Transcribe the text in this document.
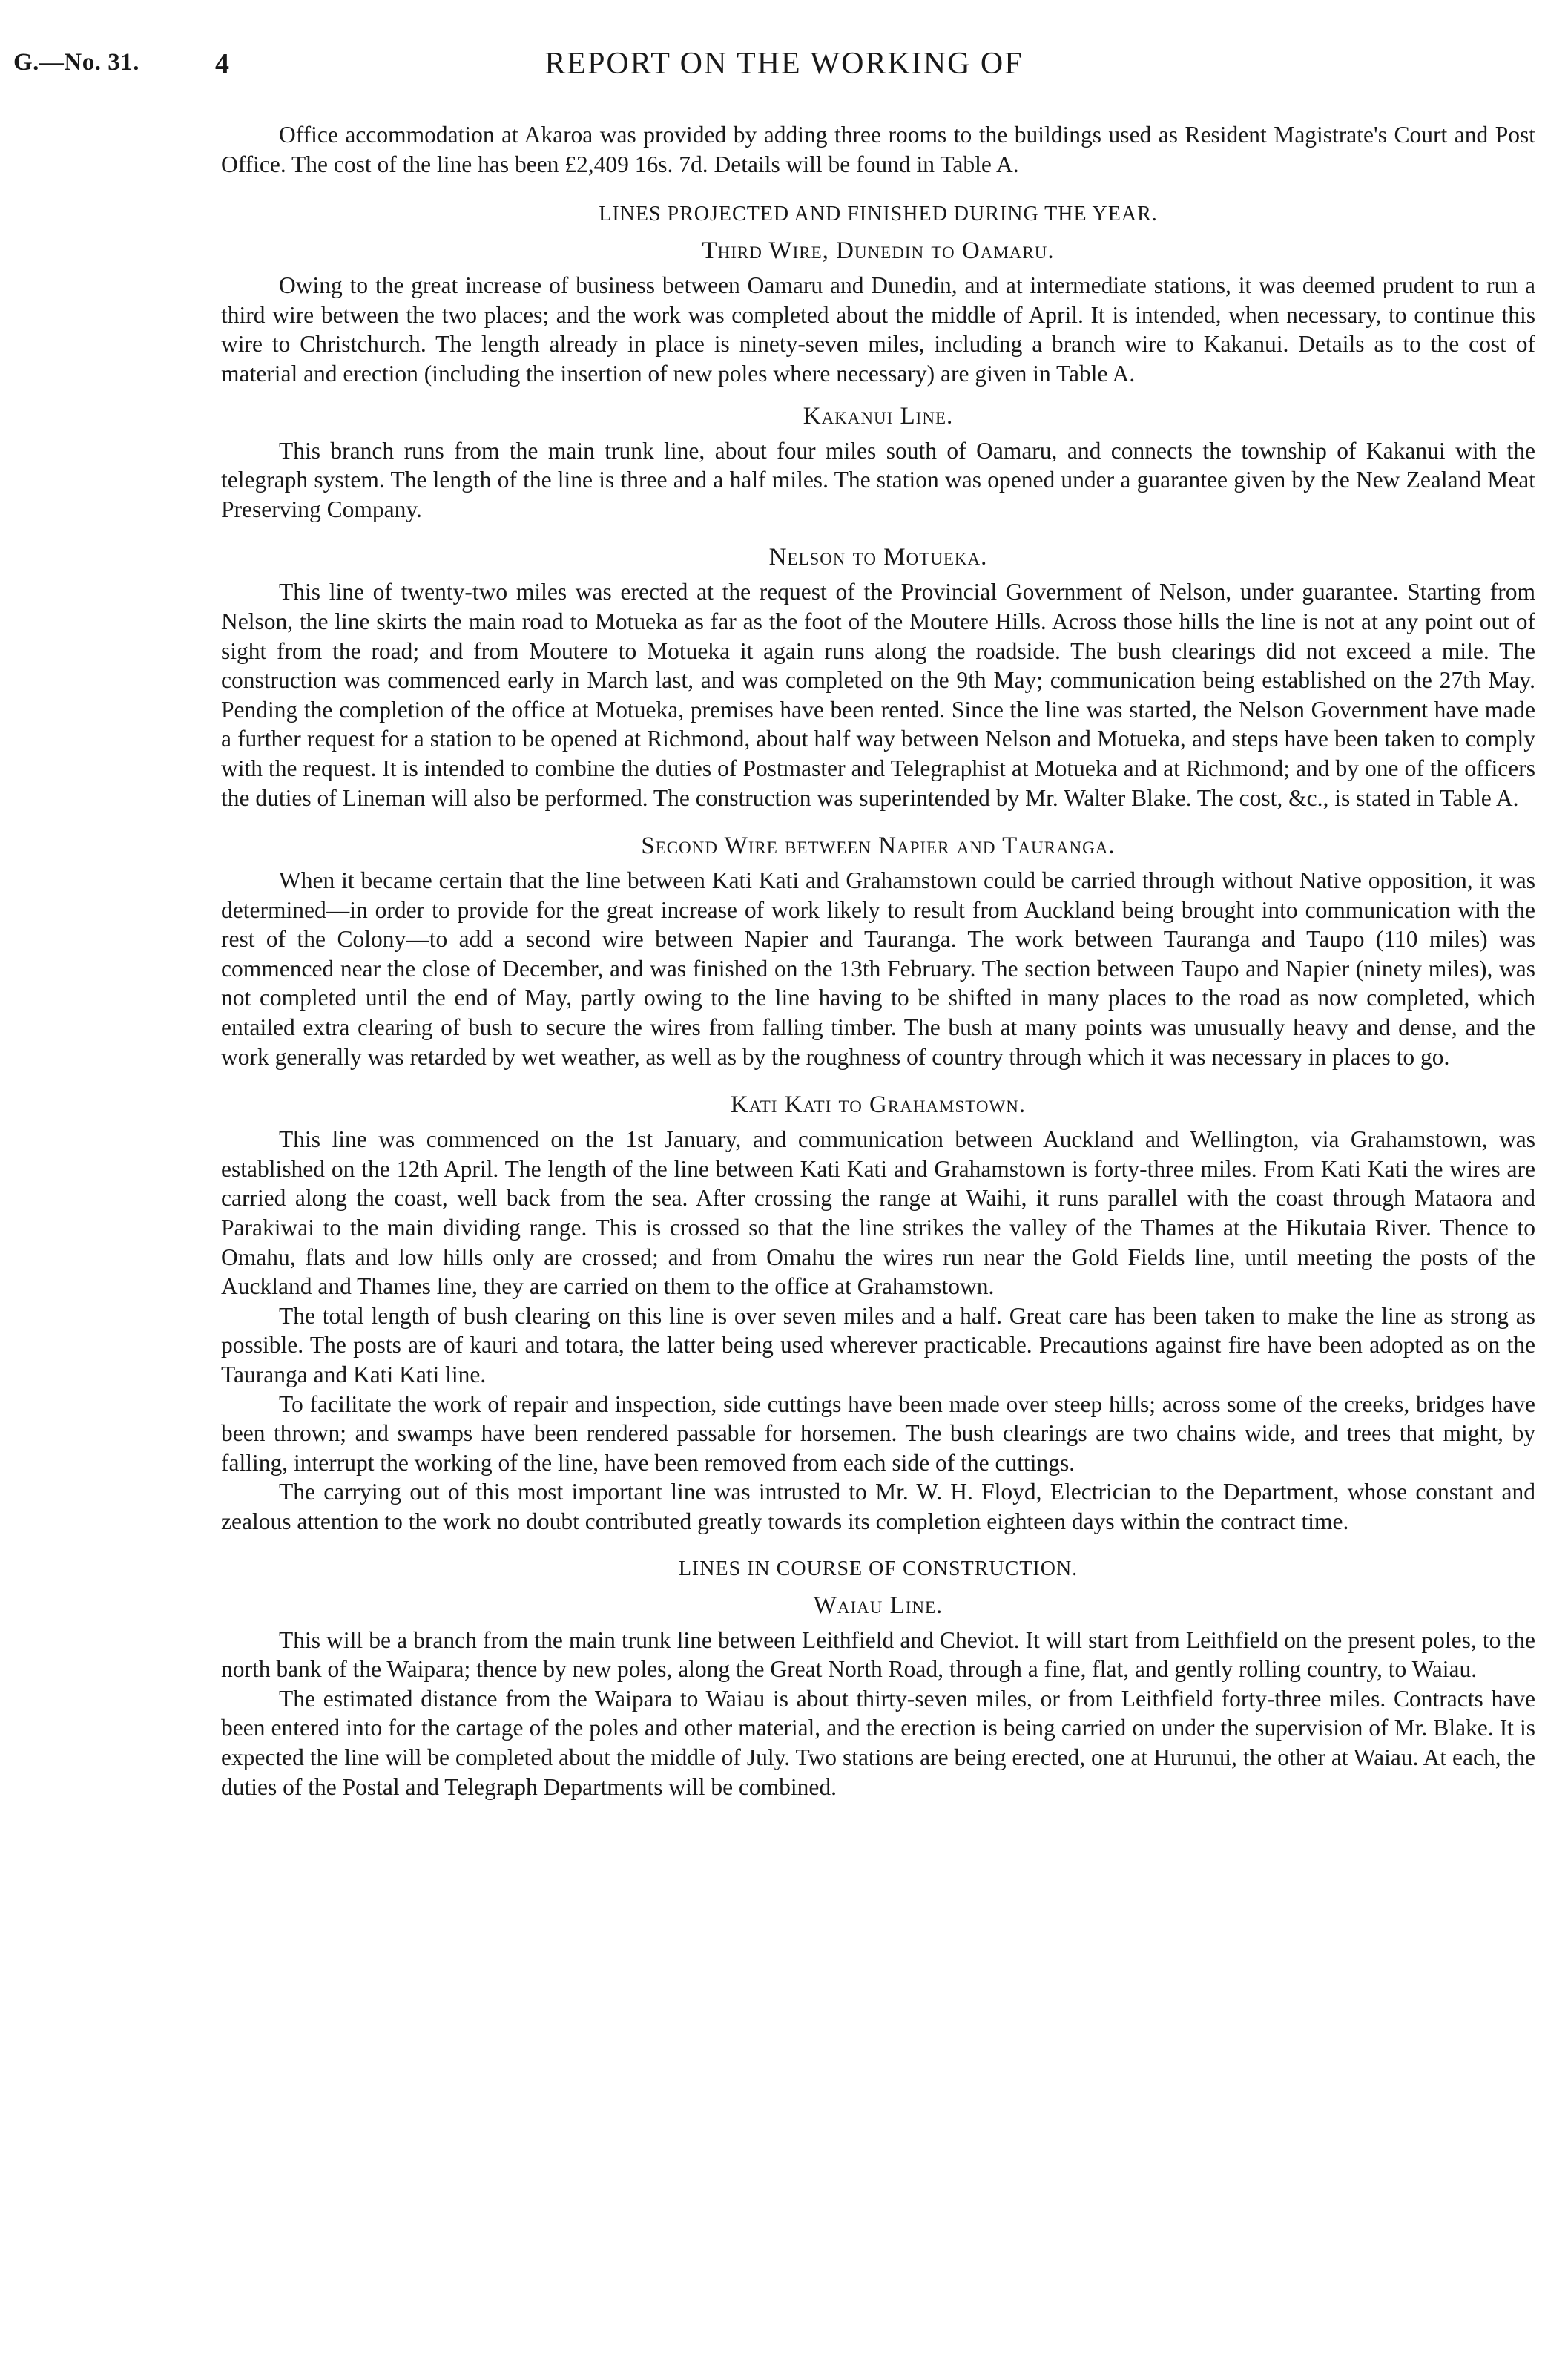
G.—No. 31.	4	REPORT ON THE WORKING OF

Office accommodation at Akaroa was provided by adding three rooms to the buildings used as Resident Magistrate's Court and Post Office. The cost of the line has been £2,409 16s. 7d. Details will be found in Table A.

LINES PROJECTED AND FINISHED DURING THE YEAR.
Third Wire, Dunedin to Oamaru.

Owing to the great increase of business between Oamaru and Dunedin, and at intermediate stations, it was deemed prudent to run a third wire between the two places; and the work was completed about the middle of April. It is intended, when necessary, to continue this wire to Christchurch. The length already in place is ninety-seven miles, including a branch wire to Kakanui. Details as to the cost of material and erection (including the insertion of new poles where necessary) are given in Table A.

Kakanui Line.

This branch runs from the main trunk line, about four miles south of Oamaru, and connects the township of Kakanui with the telegraph system. The length of the line is three and a half miles. The station was opened under a guarantee given by the New Zealand Meat Preserving Company.

Nelson to Motueka.

This line of twenty-two miles was erected at the request of the Provincial Government of Nelson, under guarantee. Starting from Nelson, the line skirts the main road to Motueka as far as the foot of the Moutere Hills. Across those hills the line is not at any point out of sight from the road; and from Moutere to Motueka it again runs along the roadside. The bush clearings did not exceed a mile. The construction was commenced early in March last, and was completed on the 9th May; communication being established on the 27th May. Pending the completion of the office at Motueka, premises have been rented. Since the line was started, the Nelson Government have made a further request for a station to be opened at Richmond, about half way between Nelson and Motueka, and steps have been taken to comply with the request. It is intended to combine the duties of Postmaster and Telegraphist at Motueka and at Richmond; and by one of the officers the duties of Lineman will also be performed. The construction was superintended by Mr. Walter Blake. The cost, &c., is stated in Table A.

Second Wire between Napier and Tauranga.

When it became certain that the line between Kati Kati and Grahamstown could be carried through without Native opposition, it was determined—in order to provide for the great increase of work likely to result from Auckland being brought into communication with the rest of the Colony—to add a second wire between Napier and Tauranga. The work between Tauranga and Taupo (110 miles) was commenced near the close of December, and was finished on the 13th February. The section between Taupo and Napier (ninety miles), was not completed until the end of May, partly owing to the line having to be shifted in many places to the road as now completed, which entailed extra clearing of bush to secure the wires from falling timber. The bush at many points was unusually heavy and dense, and the work generally was retarded by wet weather, as well as by the roughness of country through which it was necessary in places to go.

Kati Kati to Grahamstown.

This line was commenced on the 1st January, and communication between Auckland and Wellington, via Grahamstown, was established on the 12th April. The length of the line between Kati Kati and Grahamstown is forty-three miles. From Kati Kati the wires are carried along the coast, well back from the sea. After crossing the range at Waihi, it runs parallel with the coast through Mataora and Parakiwai to the main dividing range. This is crossed so that the line strikes the valley of the Thames at the Hikutaia River. Thence to Omahu, flats and low hills only are crossed; and from Omahu the wires run near the Gold Fields line, until meeting the posts of the Auckland and Thames line, they are carried on them to the office at Grahamstown.

The total length of bush clearing on this line is over seven miles and a half. Great care has been taken to make the line as strong as possible. The posts are of kauri and totara, the latter being used wherever practicable. Precautions against fire have been adopted as on the Tauranga and Kati Kati line.

To facilitate the work of repair and inspection, side cuttings have been made over steep hills; across some of the creeks, bridges have been thrown; and swamps have been rendered passable for horsemen. The bush clearings are two chains wide, and trees that might, by falling, interrupt the working of the line, have been removed from each side of the cuttings.

The carrying out of this most important line was intrusted to Mr. W. H. Floyd, Electrician to the Department, whose constant and zealous attention to the work no doubt contributed greatly towards its completion eighteen days within the contract time.

LINES IN COURSE OF CONSTRUCTION.
Waiau Line.

This will be a branch from the main trunk line between Leithfield and Cheviot. It will start from Leithfield on the present poles, to the north bank of the Waipara; thence by new poles, along the Great North Road, through a fine, flat, and gently rolling country, to Waiau.

The estimated distance from the Waipara to Waiau is about thirty-seven miles, or from Leithfield forty-three miles. Contracts have been entered into for the cartage of the poles and other material, and the erection is being carried on under the supervision of Mr. Blake. It is expected the line will be completed about the middle of July. Two stations are being erected, one at Hurunui, the other at Waiau. At each, the duties of the Postal and Telegraph Departments will be combined.
